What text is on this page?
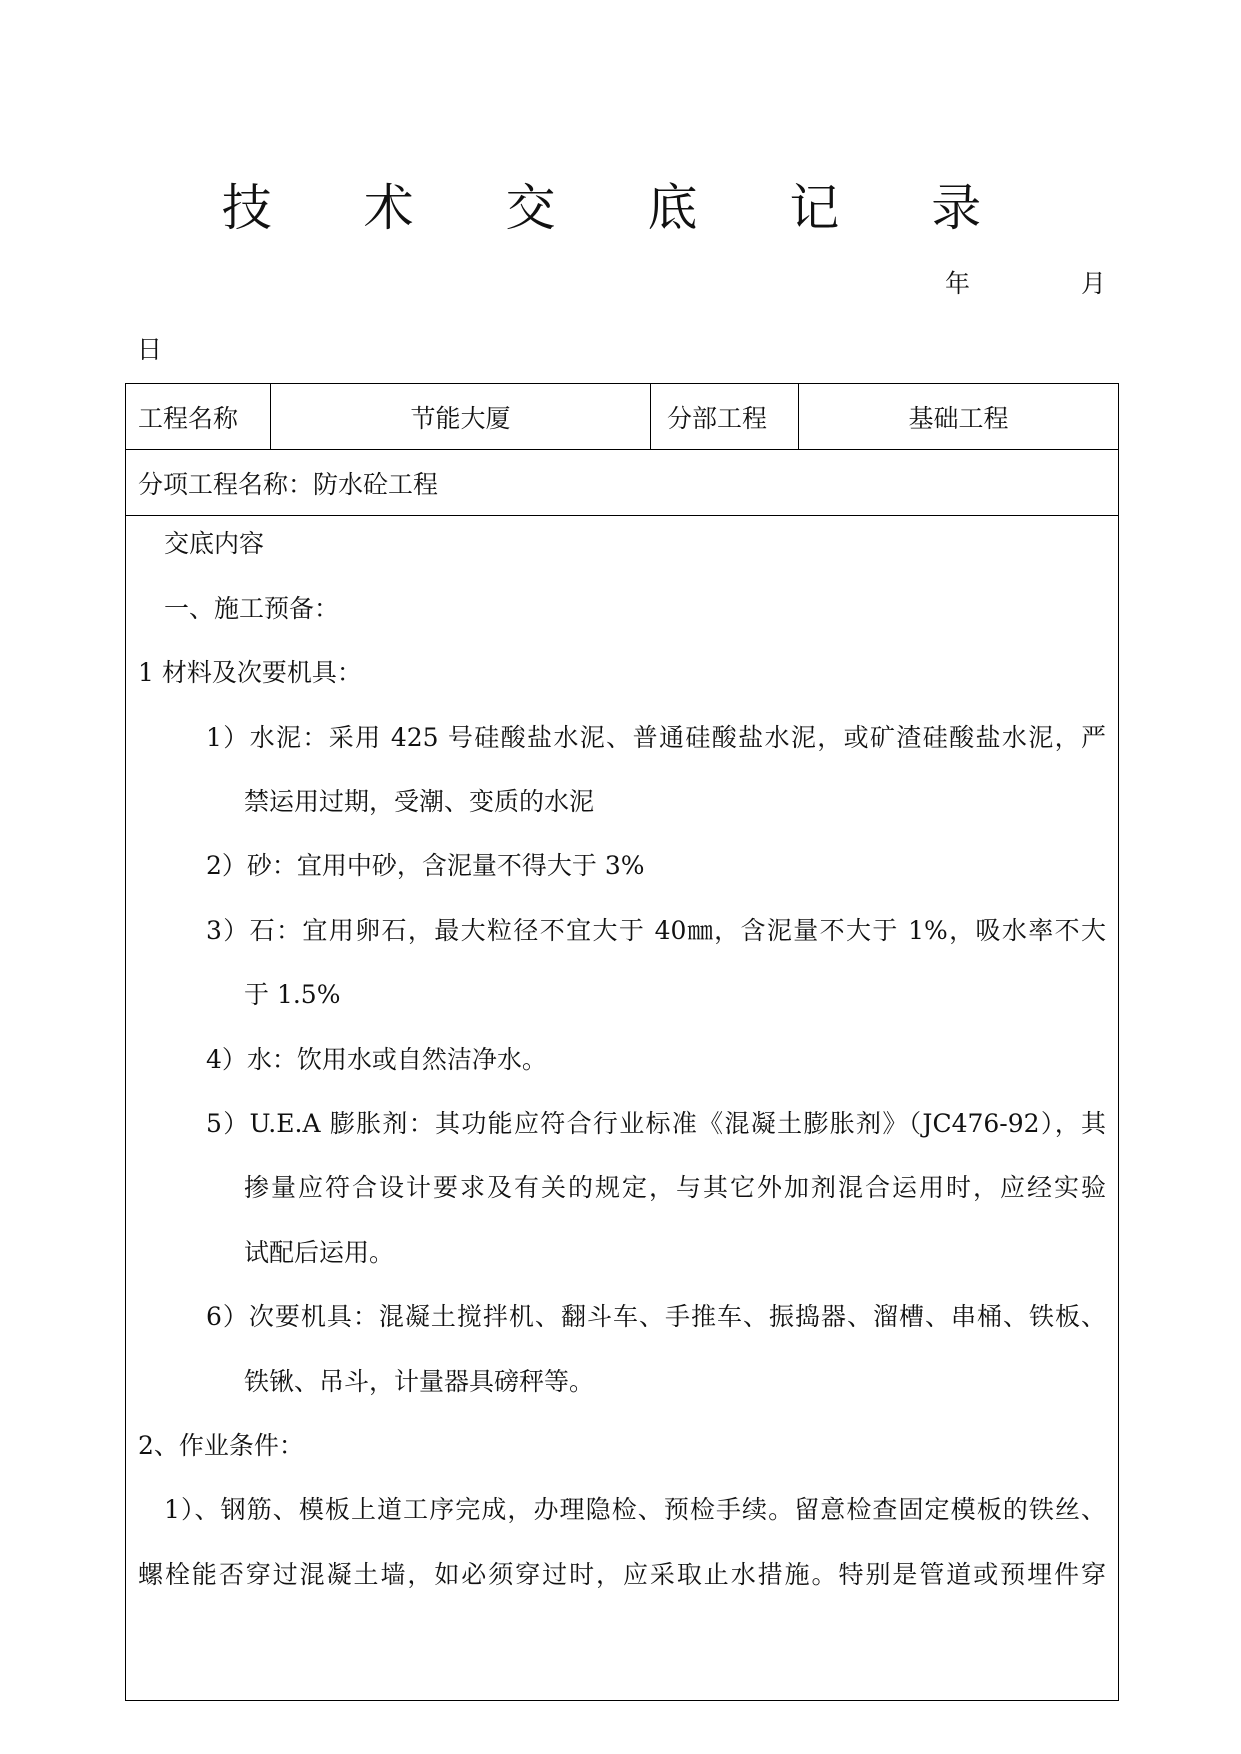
技 术 交 底 记 录
年	月
日
工程名称	节能大厦	分部工程	基础工程
分项工程名称： 防水砼工程
交底内容
一、施工预备：
1 材料及次要机具：
1）水泥：采用 425 号硅酸盐水泥、普通硅酸盐水泥，或矿渣硅酸盐水泥，严
禁运用过期，受潮、变质的水泥
2）砂：宜用中砂，含泥量不得大于 3%
3）石：宜用卵石，最大粒径不宜大于 40㎜，含泥量不大于 1%，吸水率不大
于 1.5%
4）水：饮用水或自然洁净水。
5）U.E.A 膨胀剂：其功能应符合行业标准《混凝土膨胀剂》（JC476-92），其
掺量应符合设计要求及有关的规定，与其它外加剂混合运用时，应经实验
试配后运用。
6）次要机具：混凝土搅拌机、翻斗车、手推车、振捣器、溜槽、串桶、铁板、
铁锹、吊斗，计量器具磅秤等。
2、作业条件：
1）、钢筋、模板上道工序完成，办理隐检、预检手续。留意检查固定模板的铁丝、
螺栓能否穿过混凝土墙，如必须穿过时，应采取止水措施。特别是管道或预埋件穿
